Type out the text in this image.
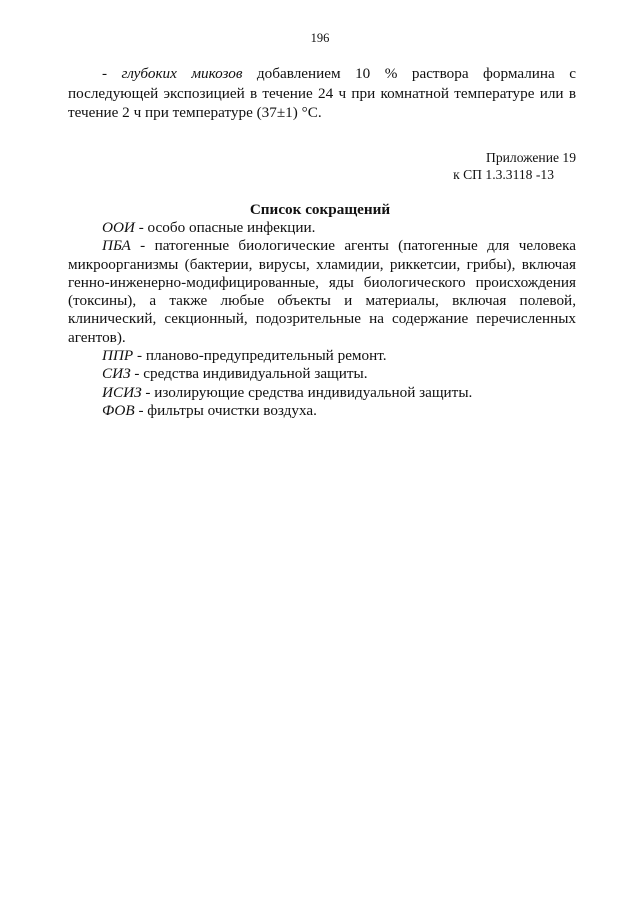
196
- глубоких микозов добавлением 10 % раствора формалина с последующей экспозицией в течение 24 ч при комнатной температуре или в течение 2 ч при температуре (37±1) °С.
Приложение 19
к СП 1.3.3118 -13
Список сокращений
ООИ - особо опасные инфекции.
ПБА - патогенные биологические агенты (патогенные для человека микроорганизмы (бактерии, вирусы, хламидии, риккетсии, грибы), включая генно-инженерно-модифицированные, яды биологического происхождения (токсины), а также любые объекты и материалы, включая полевой, клинический, секционный, подозрительные на содержание перечисленных агентов).
ППР - планово-предупредительный ремонт.
СИЗ - средства индивидуальной защиты.
ИСИЗ - изолирующие средства индивидуальной защиты.
ФОВ - фильтры очистки воздуха.
